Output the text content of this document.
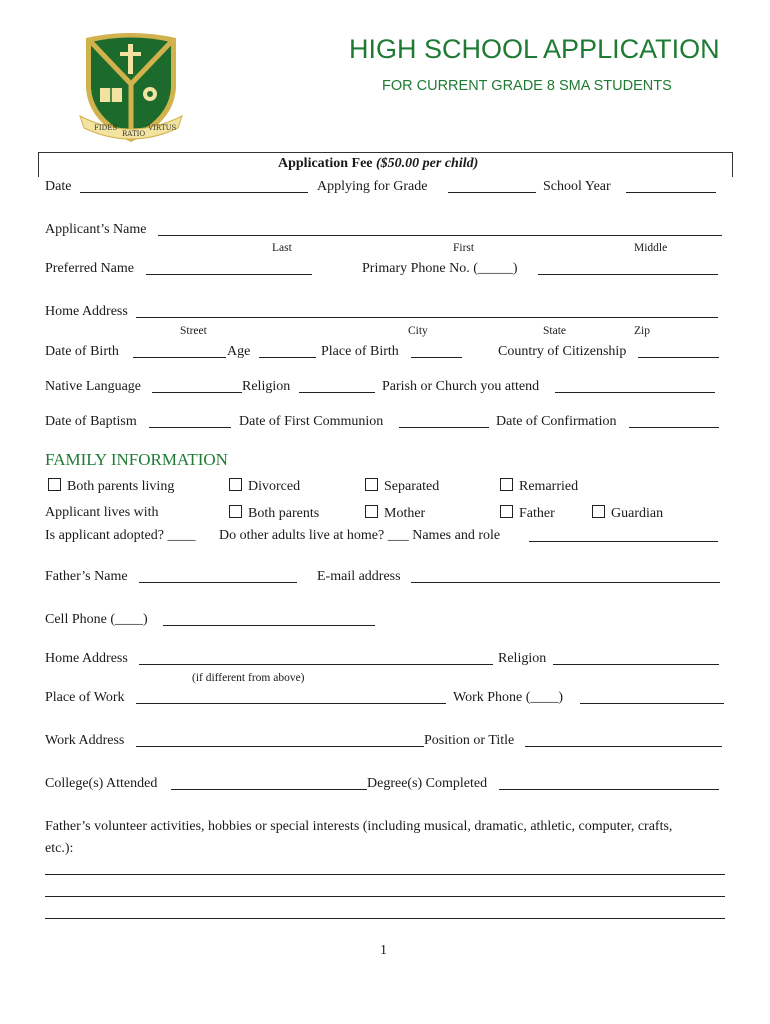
FIDES
RATIO
VIRTUS
HIGH SCHOOL APPLICATION
FOR CURRENT GRADE 8 SMA STUDENTS
Application Fee ($50.00 per child)
Date	Applying for Grade	School Year
Applicant’s Name
Last	First	Middle
Preferred Name	Primary Phone No. (_____)
Home Address
Street	City	State	Zip
Date of Birth	Age	Place of Birth	Country of Citizenship
Native Language	Religion	Parish or Church you attend
Date of Baptism	Date of First Communion	Date of Confirmation
FAMILY INFORMATION
Both parents living	Divorced	Separated	Remarried
Applicant lives with	Both parents	Mother	Father	Guardian
Is applicant adopted? ____ Do other adults live at home? ___ Names and role
Father’s Name	E-mail address
Cell Phone (____)
Home Address	Religion
(if different from above)
Place of Work	Work Phone (____)
Work Address	Position or Title
College(s) Attended	Degree(s) Completed
Father’s volunteer activities, hobbies or special interests (including musical, dramatic, athletic, computer, crafts,
etc.):
1
